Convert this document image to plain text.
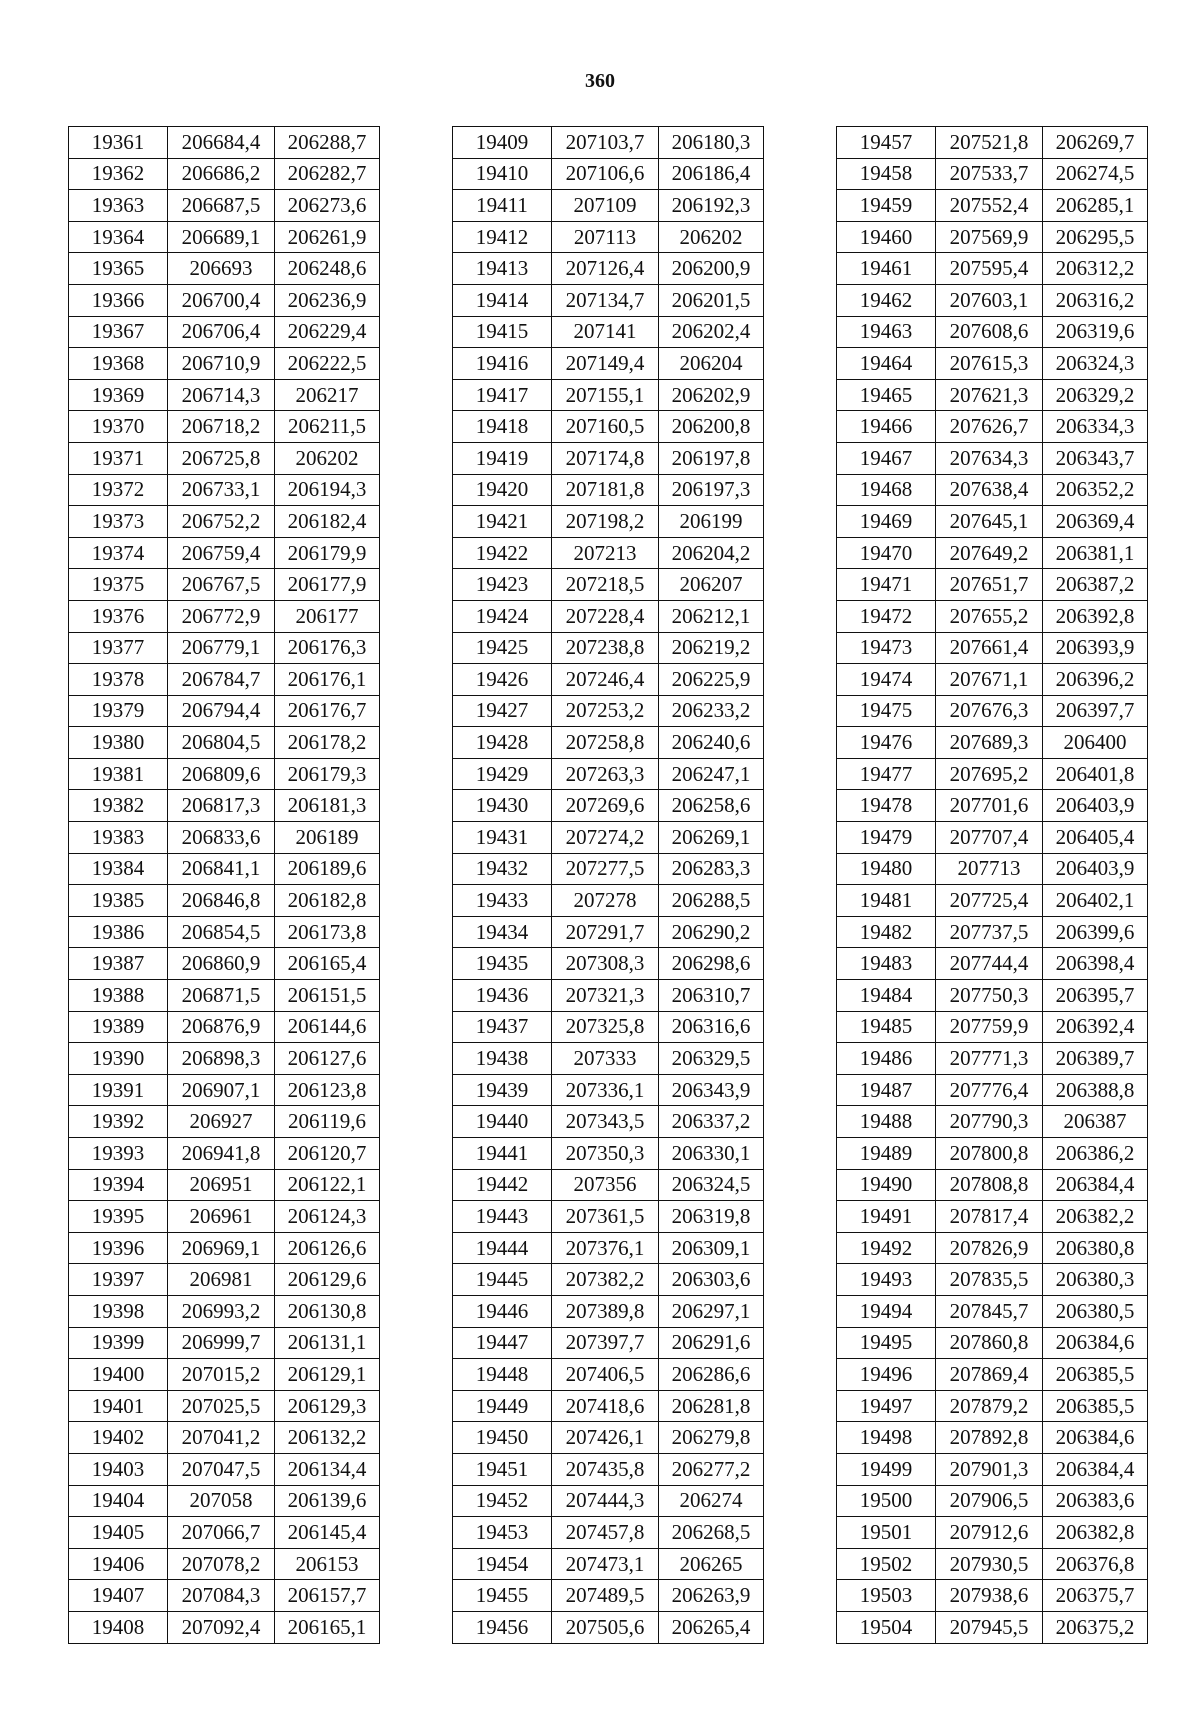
360
19361	206684,4	206288,7
19362	206686,2	206282,7
19363	206687,5	206273,6
19364	206689,1	206261,9
19365	206693	206248,6
19366	206700,4	206236,9
19367	206706,4	206229,4
19368	206710,9	206222,5
19369	206714,3	206217
19370	206718,2	206211,5
19371	206725,8	206202
19372	206733,1	206194,3
19373	206752,2	206182,4
19374	206759,4	206179,9
19375	206767,5	206177,9
19376	206772,9	206177
19377	206779,1	206176,3
19378	206784,7	206176,1
19379	206794,4	206176,7
19380	206804,5	206178,2
19381	206809,6	206179,3
19382	206817,3	206181,3
19383	206833,6	206189
19384	206841,1	206189,6
19385	206846,8	206182,8
19386	206854,5	206173,8
19387	206860,9	206165,4
19388	206871,5	206151,5
19389	206876,9	206144,6
19390	206898,3	206127,6
19391	206907,1	206123,8
19392	206927	206119,6
19393	206941,8	206120,7
19394	206951	206122,1
19395	206961	206124,3
19396	206969,1	206126,6
19397	206981	206129,6
19398	206993,2	206130,8
19399	206999,7	206131,1
19400	207015,2	206129,1
19401	207025,5	206129,3
19402	207041,2	206132,2
19403	207047,5	206134,4
19404	207058	206139,6
19405	207066,7	206145,4
19406	207078,2	206153
19407	207084,3	206157,7
19408	207092,4	206165,1
19409	207103,7	206180,3
19410	207106,6	206186,4
19411	207109	206192,3
19412	207113	206202
19413	207126,4	206200,9
19414	207134,7	206201,5
19415	207141	206202,4
19416	207149,4	206204
19417	207155,1	206202,9
19418	207160,5	206200,8
19419	207174,8	206197,8
19420	207181,8	206197,3
19421	207198,2	206199
19422	207213	206204,2
19423	207218,5	206207
19424	207228,4	206212,1
19425	207238,8	206219,2
19426	207246,4	206225,9
19427	207253,2	206233,2
19428	207258,8	206240,6
19429	207263,3	206247,1
19430	207269,6	206258,6
19431	207274,2	206269,1
19432	207277,5	206283,3
19433	207278	206288,5
19434	207291,7	206290,2
19435	207308,3	206298,6
19436	207321,3	206310,7
19437	207325,8	206316,6
19438	207333	206329,5
19439	207336,1	206343,9
19440	207343,5	206337,2
19441	207350,3	206330,1
19442	207356	206324,5
19443	207361,5	206319,8
19444	207376,1	206309,1
19445	207382,2	206303,6
19446	207389,8	206297,1
19447	207397,7	206291,6
19448	207406,5	206286,6
19449	207418,6	206281,8
19450	207426,1	206279,8
19451	207435,8	206277,2
19452	207444,3	206274
19453	207457,8	206268,5
19454	207473,1	206265
19455	207489,5	206263,9
19456	207505,6	206265,4
19457	207521,8	206269,7
19458	207533,7	206274,5
19459	207552,4	206285,1
19460	207569,9	206295,5
19461	207595,4	206312,2
19462	207603,1	206316,2
19463	207608,6	206319,6
19464	207615,3	206324,3
19465	207621,3	206329,2
19466	207626,7	206334,3
19467	207634,3	206343,7
19468	207638,4	206352,2
19469	207645,1	206369,4
19470	207649,2	206381,1
19471	207651,7	206387,2
19472	207655,2	206392,8
19473	207661,4	206393,9
19474	207671,1	206396,2
19475	207676,3	206397,7
19476	207689,3	206400
19477	207695,2	206401,8
19478	207701,6	206403,9
19479	207707,4	206405,4
19480	207713	206403,9
19481	207725,4	206402,1
19482	207737,5	206399,6
19483	207744,4	206398,4
19484	207750,3	206395,7
19485	207759,9	206392,4
19486	207771,3	206389,7
19487	207776,4	206388,8
19488	207790,3	206387
19489	207800,8	206386,2
19490	207808,8	206384,4
19491	207817,4	206382,2
19492	207826,9	206380,8
19493	207835,5	206380,3
19494	207845,7	206380,5
19495	207860,8	206384,6
19496	207869,4	206385,5
19497	207879,2	206385,5
19498	207892,8	206384,6
19499	207901,3	206384,4
19500	207906,5	206383,6
19501	207912,6	206382,8
19502	207930,5	206376,8
19503	207938,6	206375,7
19504	207945,5	206375,2
